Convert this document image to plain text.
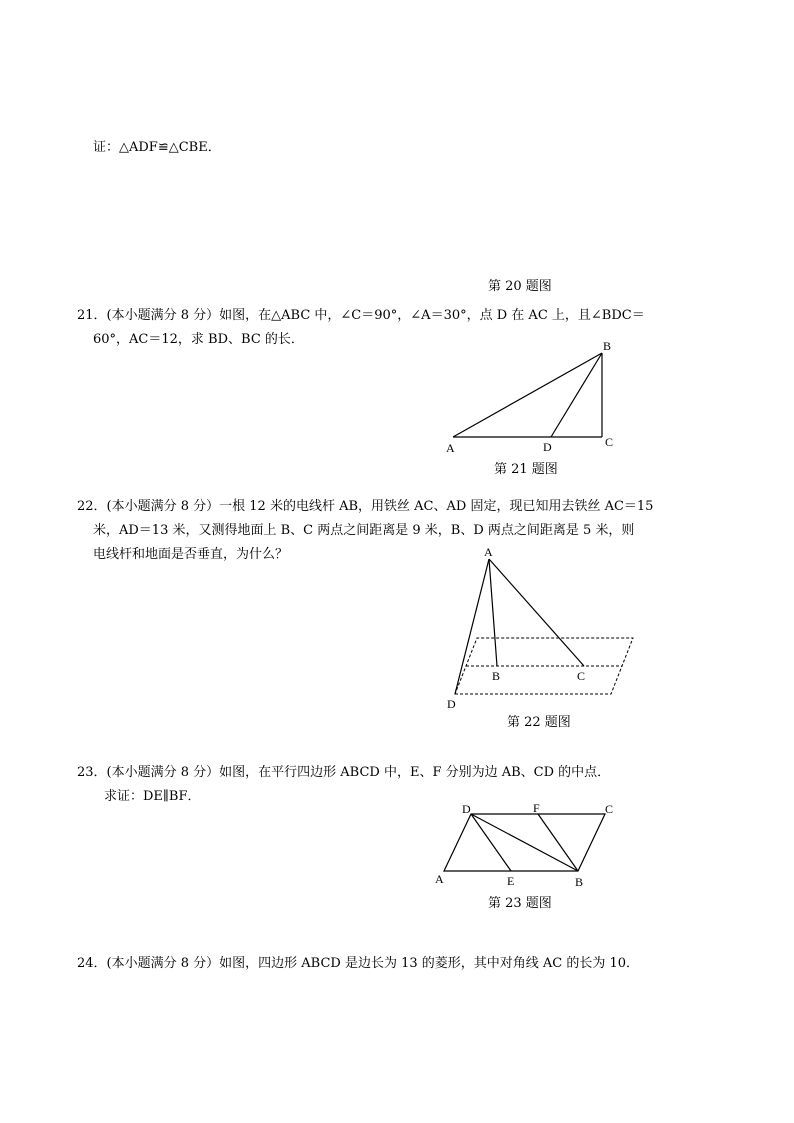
证：△ADF≌△CBE．
第 20 题图
21．(本小题满分 8 分）如图，在△ABC 中，∠C＝90°，∠A＝30°，点 D 在 AC 上，且∠BDC＝
60°，AC＝12，求 BD、BC 的长．
A
B
C
D
第 21 题图
22．(本小题满分 8 分）一根 12 米的电线杆 AB，用铁丝 AC、AD 固定，现已知用去铁丝 AC＝15
米，AD＝13 米，又测得地面上 B、C 两点之间距离是 9 米，B、D 两点之间距离是 5 米，则
电线杆和地面是否垂直，为什么？	A
B	C
D
第 22 题图
23．(本小题满分 8 分）如图，在平行四边形 ABCD 中，E、F 分别为边 AB、CD 的中点．
求证：DE∥BF．
A	B
C
D
E
F
第 23 题图
24．(本小题满分 8 分）如图，四边形 ABCD 是边长为 13 的菱形，其中对角线 AC 的长为 10．
